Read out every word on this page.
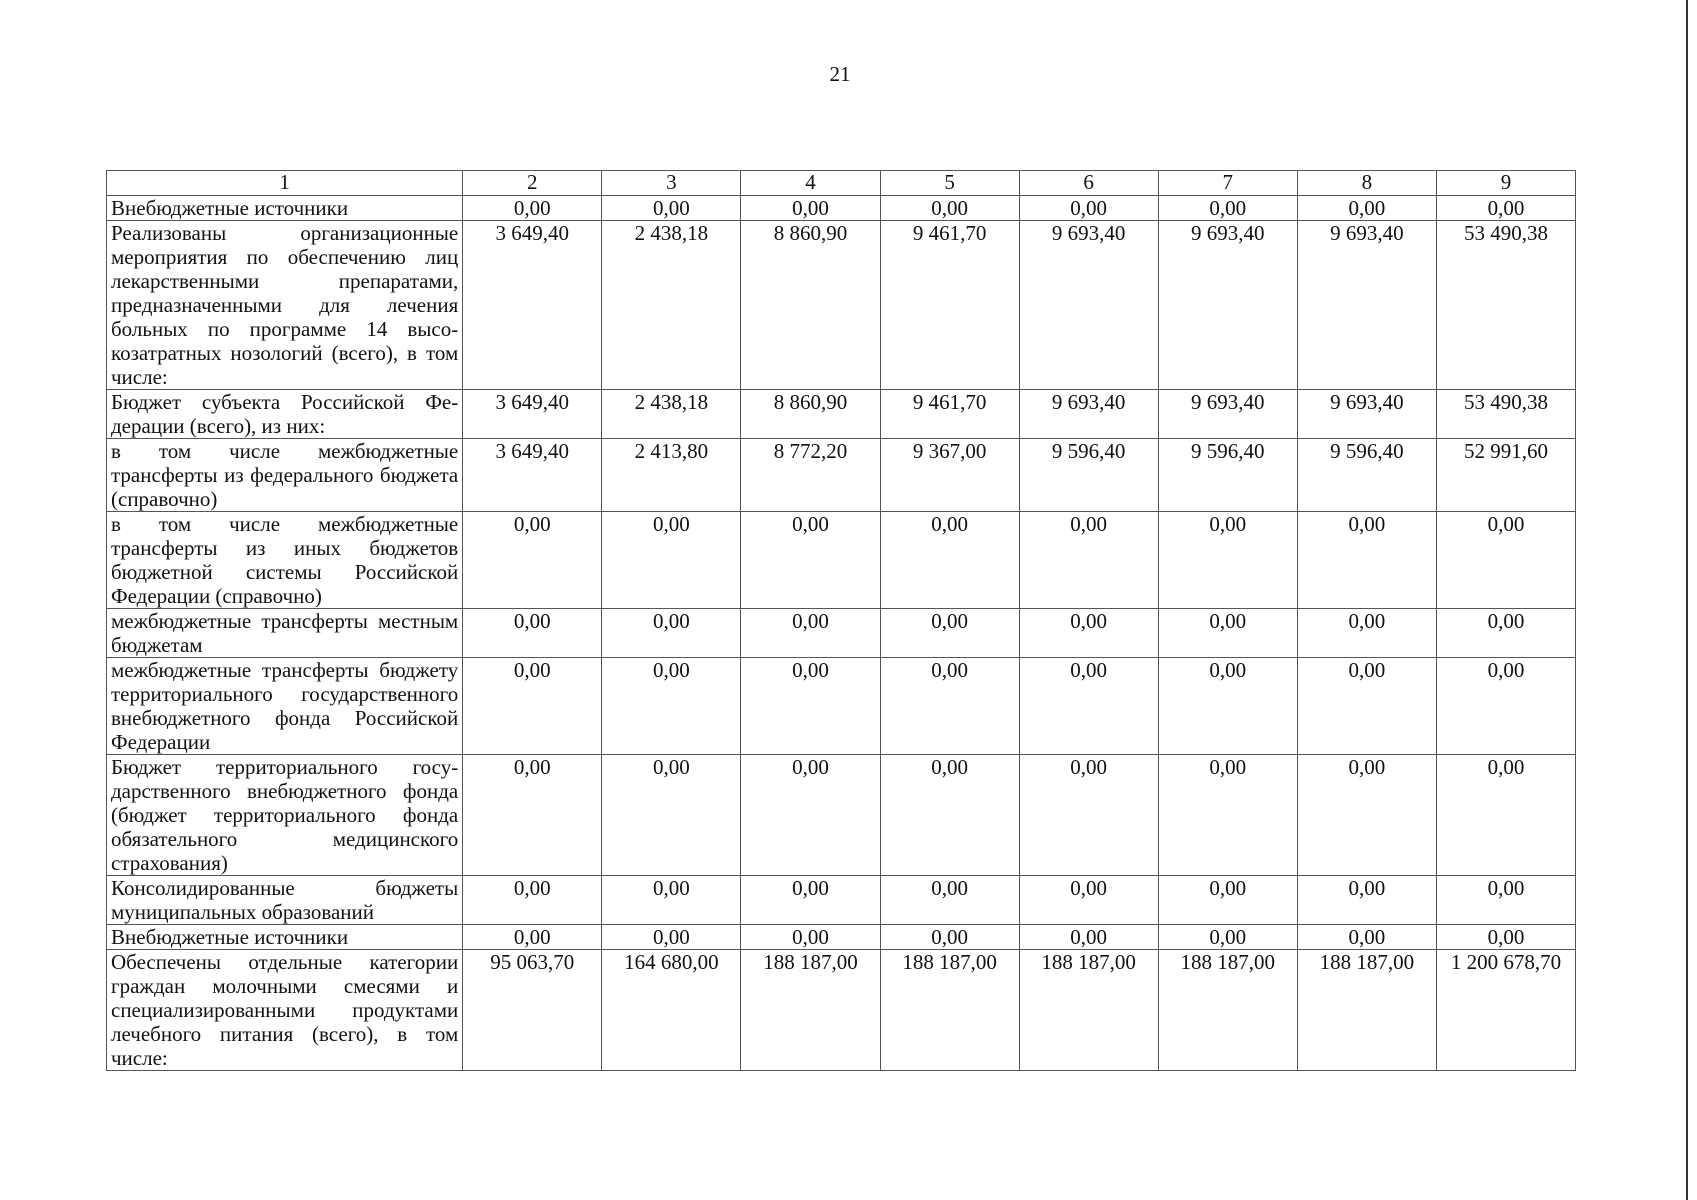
21
1	2	3	4	5	6	7	8	9
Внебюджетные источники	0,00	0,00	0,00	0,00	0,00	0,00	0,00	0,00
Реализованы организационные мероприятия по обеспечению лиц лекарственными препаратами, предназначенными для лечения больных по программе 14 высокозатратных нозологий (всего), в том числе:	3 649,40	2 438,18	8 860,90	9 461,70	9 693,40	9 693,40	9 693,40	53 490,38
Бюджет субъекта Российской Федерации (всего), из них:	3 649,40	2 438,18	8 860,90	9 461,70	9 693,40	9 693,40	9 693,40	53 490,38
в том числе межбюджетные трансферты из федерального бюджета (справочно)	3 649,40	2 413,80	8 772,20	9 367,00	9 596,40	9 596,40	9 596,40	52 991,60
в том числе межбюджетные трансферты из иных бюджетов бюджетной системы Российской Федерации (справочно)	0,00	0,00	0,00	0,00	0,00	0,00	0,00	0,00
межбюджетные трансферты местным бюджетам	0,00	0,00	0,00	0,00	0,00	0,00	0,00	0,00
межбюджетные трансферты бюджету территориального государственного внебюджетного фонда Российской Федерации	0,00	0,00	0,00	0,00	0,00	0,00	0,00	0,00
Бюджет территориального государственного внебюджетного фонда (бюджет территориального фонда обязательного медицинского страхования)	0,00	0,00	0,00	0,00	0,00	0,00	0,00	0,00
Консолидированные бюджеты муниципальных образований	0,00	0,00	0,00	0,00	0,00	0,00	0,00	0,00
Внебюджетные источники	0,00	0,00	0,00	0,00	0,00	0,00	0,00	0,00
Обеспечены отдельные категории граждан молочными смесями и специализированными продуктами лечебного питания (всего), в том числе:	95 063,70	164 680,00	188 187,00	188 187,00	188 187,00	188 187,00	188 187,00	1 200 678,70
